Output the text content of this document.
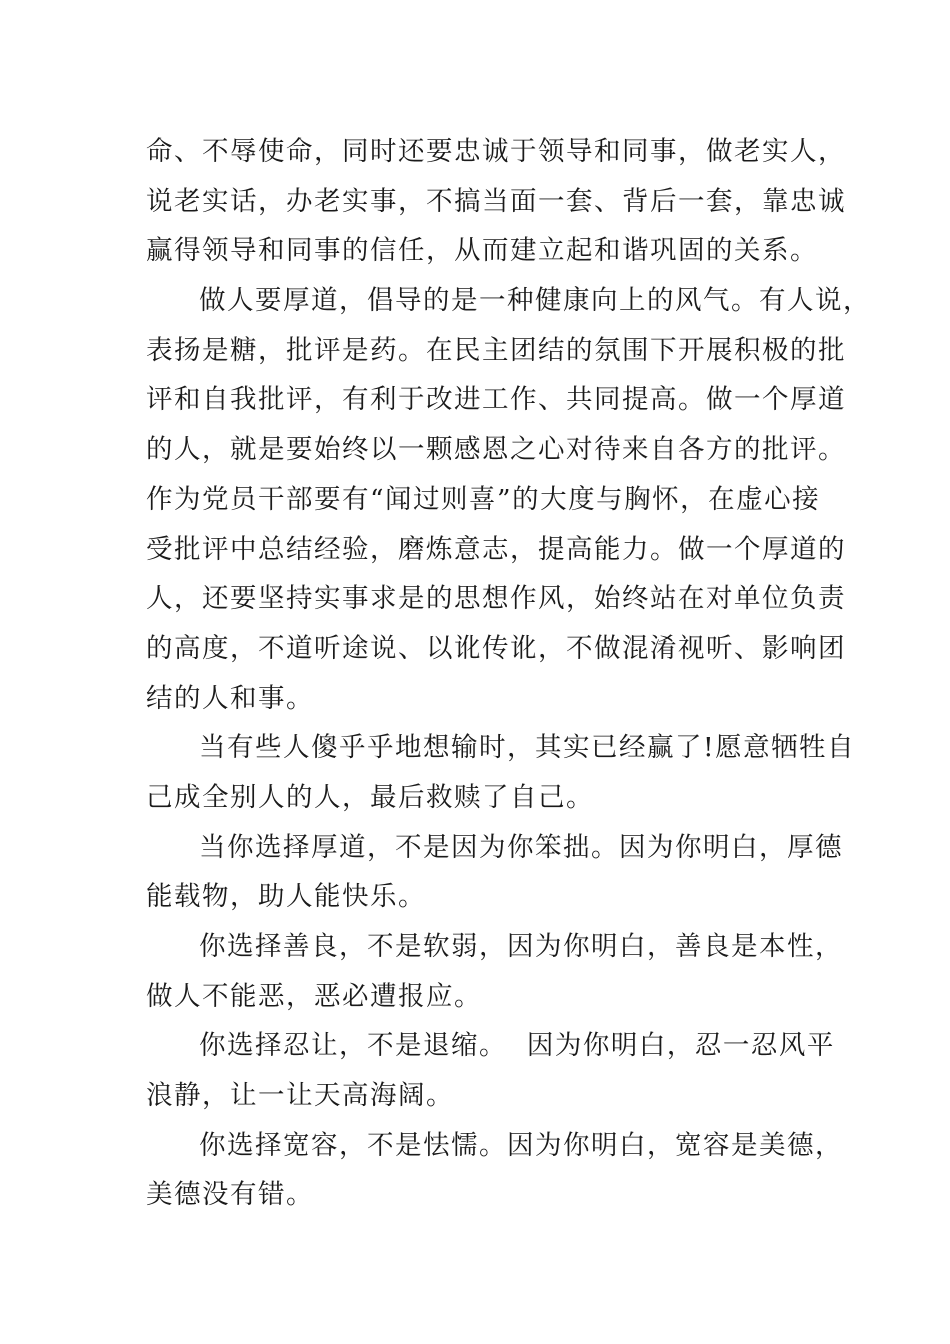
命、不辱使命，同时还要忠诚于领导和同事，做老实人，
说老实话，办老实事，不搞当面一套、背后一套，靠忠诚
赢得领导和同事的信任，从而建立起和谐巩固的关系。
做人要厚道，倡导的是一种健康向上的风气。有人说，
表扬是糖，批评是药。在民主团结的氛围下开展积极的批
评和自我批评，有利于改进工作、共同提高。做一个厚道
的人，就是要始终以一颗感恩之心对待来自各方的批评。
作为党员干部要有“闻过则喜”的大度与胸怀，在虚心接
受批评中总结经验，磨炼意志，提高能力。做一个厚道的
人，还要坚持实事求是的思想作风，始终站在对单位负责
的高度，不道听途说、以讹传讹，不做混淆视听、影响团
结的人和事。
当有些人傻乎乎地想输时，其实已经赢了!愿意牺牲自
己成全别人的人，最后救赎了自己。
当你选择厚道，不是因为你笨拙。因为你明白，厚德
能载物，助人能快乐。
你选择善良，不是软弱，因为你明白，善良是本性，
做人不能恶，恶必遭报应。
你选择忍让，不是退缩。  因为你明白，忍一忍风平
浪静，让一让天高海阔。
你选择宽容，不是怯懦。因为你明白，宽容是美德，
美德没有错。
